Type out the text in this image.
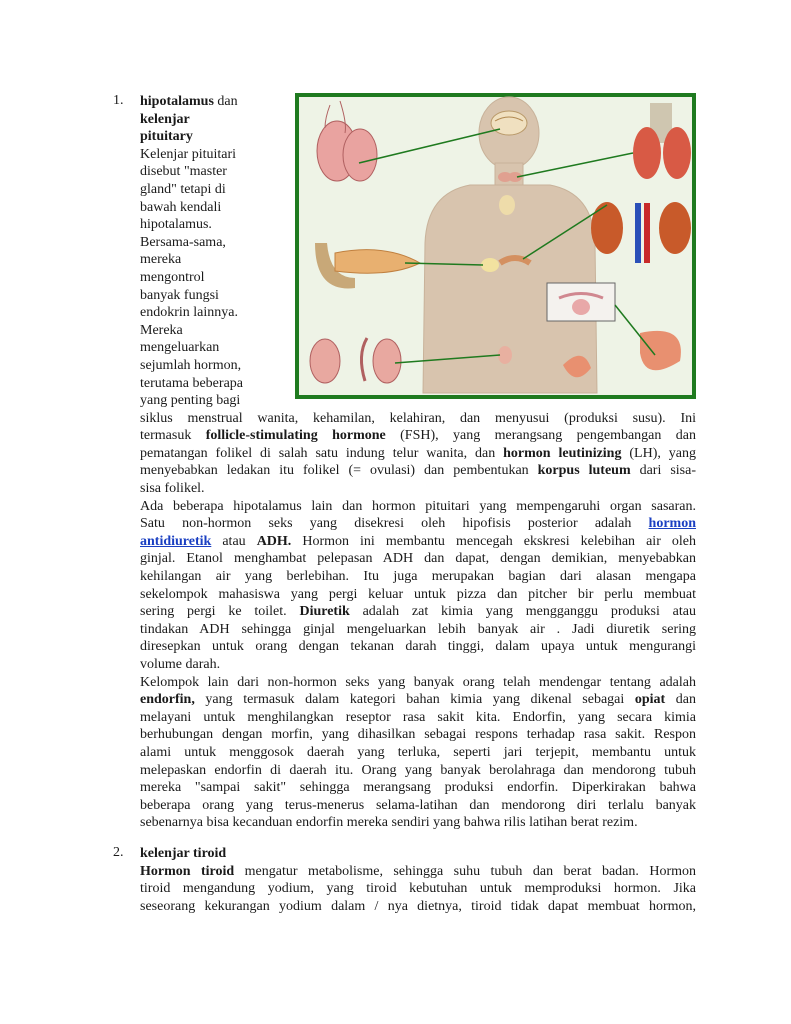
1. hipotalamus dan
kelenjar
pituitary
Kelenjar pituitari
disebut "master
gland" tetapi di
bawah kendali
hipotalamus.
Bersama-sama,
mereka
mengontrol
banyak fungsi
endokrin lainnya.
Mereka
mengeluarkan
sejumlah hormon,
terutama beberapa
yang penting bagi
siklus menstrual wanita, kehamilan, kelahiran, dan menyusui (produksi susu). Ini
termasuk follicle-stimulating hormone (FSH), yang merangsang pengembangan dan
pematangan folikel di salah satu indung telur wanita, dan hormon leutinizing (LH), yang
menyebabkan ledakan itu folikel (= ovulasi) dan pembentukan korpus luteum dari sisa-
sisa folikel.
Ada beberapa hipotalamus lain dan hormon pituitari yang mempengaruhi organ sasaran.
Satu non-hormon seks yang disekresi oleh hipofisis posterior adalah hormon
antidiuretik atau ADH. Hormon ini membantu mencegah ekskresi kelebihan air oleh
ginjal. Etanol menghambat pelepasan ADH dan dapat, dengan demikian, menyebabkan
kehilangan air yang berlebihan. Itu juga merupakan bagian dari alasan mengapa
sekelompok mahasiswa yang pergi keluar untuk pizza dan pitcher bir perlu membuat
sering pergi ke toilet. Diuretik adalah zat kimia yang mengganggu produksi atau
tindakan ADH sehingga ginjal mengeluarkan lebih banyak air . Jadi diuretik sering
diresepkan untuk orang dengan tekanan darah tinggi, dalam upaya untuk mengurangi
volume darah.
Kelompok lain dari non-hormon seks yang banyak orang telah mendengar tentang adalah
endorfin, yang termasuk dalam kategori bahan kimia yang dikenal sebagai opiat dan
melayani untuk menghilangkan reseptor rasa sakit kita. Endorfin, yang secara kimia
berhubungan dengan morfin, yang dihasilkan sebagai respons terhadap rasa sakit. Respon
alami untuk menggosok daerah yang terluka, seperti jari terjepit, membantu untuk
melepaskan endorfin di daerah itu. Orang yang banyak berolahraga dan mendorong tubuh
mereka "sampai sakit" sehingga merangsang produksi endorfin. Diperkirakan bahwa
beberapa orang yang terus-menerus selama-latihan dan mendorong diri terlalu banyak
sebenarnya bisa kecanduan endorfin mereka sendiri yang bahwa rilis latihan berat rezim.
2. kelenjar tiroid
Hormon tiroid mengatur metabolisme, sehingga suhu tubuh dan berat badan. Hormon
tiroid mengandung yodium, yang tiroid kebutuhan untuk memproduksi hormon. Jika
seseorang kekurangan yodium dalam / nya dietnya, tiroid tidak dapat membuat hormon,
